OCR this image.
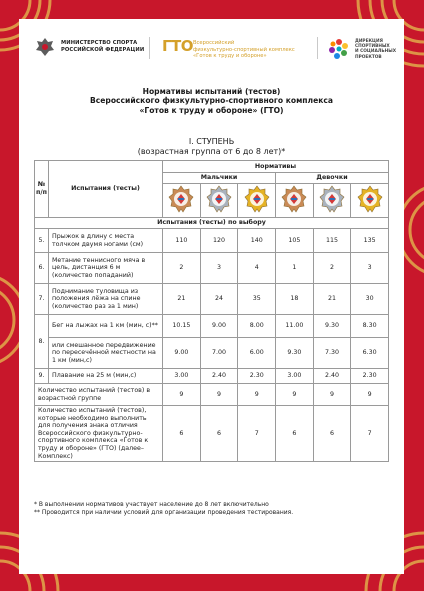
МИНИСТЕРСТВО СПОРТА
РОССИЙСКОЙ ФЕДЕРАЦИИ ГТО Всероссийский
физкультурно-спортивный комплекс
«Готов к труду и обороне»
ДИРЕКЦИЯ
СПОРТИВНЫХ
И СОЦИАЛЬНЫХ
ПРОЕКТОВ
Нормативы испытаний (тестов)
Всероссийского физкультурно-спортивного комплекса
«Готов к труду и обороне» (ГТО)
I. СТУПЕНЬ
(возрастная группа от 6 до 8 лет)*
№ п/п	Испытания (тесты)	Нормативы					
		Мальчики			Девочки		

Испытания (тесты) по выбору							
5.	Прыжок в длину с места толчком двумя ногами (см)	110	120	140	105	115	135
6.	Метание теннисного мяча в цель, дистанция 6 м (количество попаданий)	2	3	4	1	2	3
7.	Поднимание туловища из положения лёжа на спине (количество раз за 1 мин)	21	24	35	18	21	30
8.	Бег на лыжах на 1 км (мин, с)**	10.15	9.00	8.00	11.00	9.30	8.30
	или смешанное передвижение по пересечённой местности на 1 км (мин,с)	9.00	7.00	6.00	9.30	7.30	6.30
9.	Плавание на 25 м (мин,с)	3.00	2.40	2.30	3.00	2.40	2.30
Количество испытаний (тестов) в возрастной группе		9	9	9	9	9	9
Количество испытаний (тестов), которые необходимо выполнить для получения знака отличия Всероссийского физкультурно-спортивного комплекса «Готов к труду и обороне» (ГТО) (далее–Комплекс)		6	6	7	6	6	7
* В выполнении нормативов участвует население до 8 лет включительно
** Проводится при наличии условий для организации проведения тестирования.
